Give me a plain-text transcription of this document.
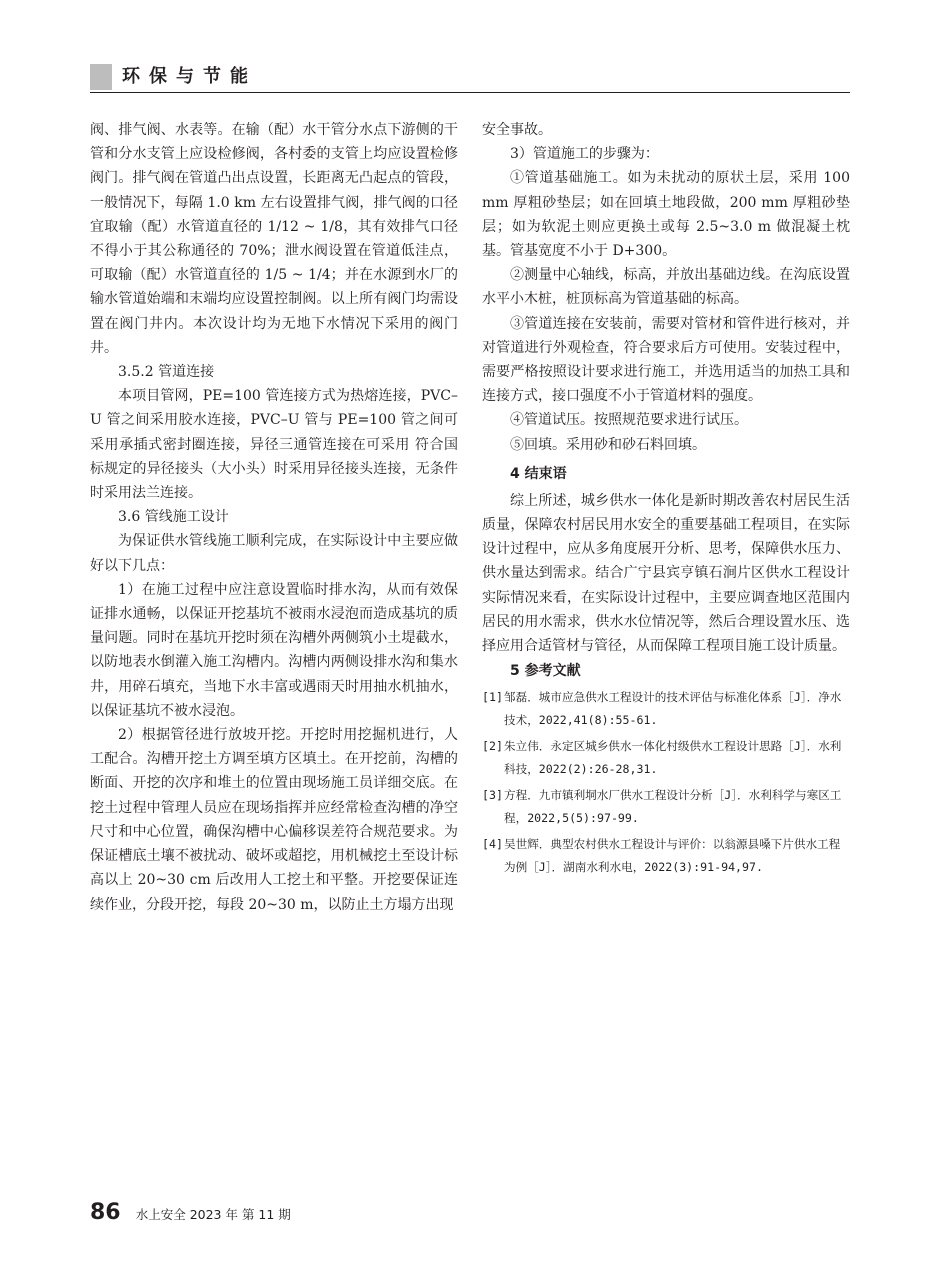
环保与节能

阀、排气阀、水表等。在输（配）水干管分水点下游侧的干管和分水支管上应设检修阀，各村委的支管上均应设置检修阀门。排气阀在管道凸出点设置，长距离无凸起点的管段，一般情况下，每隔 1.0 km 左右设置排气阀，排气阀的口径宜取输（配）水管道直径的 1/12 ~ 1/8，其有效排气口径不得小于其公称通径的 70%；泄水阀设置在管道低洼点，可取输（配）水管道直径的 1/5 ~ 1/4；并在水源到水厂的输水管道始端和末端均应设置控制阀。以上所有阀门均需设置在阀门井内。本次设计均为无地下水情况下采用的阀门井。

3.5.2 管道连接

本项目管网，PE=100 管连接方式为热熔连接，PVC–U 管之间采用胶水连接，PVC–U 管与 PE=100 管之间可采用承插式密封圈连接，异径三通管连接在可采用 符合国标规定的异径接头（大小头）时采用异径接头连接，无条件时采用法兰连接。

3.6 管线施工设计

为保证供水管线施工顺利完成，在实际设计中主要应做好以下几点：

1）在施工过程中应注意设置临时排水沟，从而有效保证排水通畅，以保证开挖基坑不被雨水浸泡而造成基坑的质量问题。同时在基坑开挖时须在沟槽外两侧筑小土堤截水，以防地表水倒灌入施工沟槽内。沟槽内两侧设排水沟和集水井，用碎石填充，当地下水丰富或遇雨天时用抽水机抽水，以保证基坑不被水浸泡。

2）根据管径进行放坡开挖。开挖时用挖掘机进行，人工配合。沟槽开挖土方调至填方区填土。在开挖前，沟槽的断面、开挖的次序和堆土的位置由现场施工员详细交底。在挖土过程中管理人员应在现场指挥并应经常检查沟槽的净空尺寸和中心位置，确保沟槽中心偏移误差符合规范要求。为保证槽底土壤不被扰动、破坏或超挖，用机械挖土至设计标高以上 20~30 cm 后改用人工挖土和平整。开挖要保证连续作业，分段开挖，每段 20~30 m，以防止土方塌方出现

安全事故。

3）管道施工的步骤为：

①管道基础施工。如为未扰动的原状土层，采用 100 mm 厚粗砂垫层；如在回填土地段做，200 mm 厚粗砂垫层；如为软泥土则应更换土或每 2.5~3.0 m 做混凝土枕基。管基宽度不小于 D+300。

②测量中心轴线，标高，并放出基础边线。在沟底设置水平小木桩，桩顶标高为管道基础的标高。

③管道连接在安装前，需要对管材和管件进行核对，并对管道进行外观检查，符合要求后方可使用。安装过程中，需要严格按照设计要求进行施工，并选用适当的加热工具和连接方式，接口强度不小于管道材料的强度。

④管道试压。按照规范要求进行试压。

⑤回填。采用砂和砂石料回填。

4 结束语

综上所述，城乡供水一体化是新时期改善农村居民生活质量，保障农村居民用水安全的重要基础工程项目，在实际设计过程中，应从多角度展开分析、思考，保障供水压力、供水量达到需求。结合广宁县宾亨镇石涧片区供水工程设计实际情况来看，在实际设计过程中，主要应调查地区范围内居民的用水需求，供水水位情况等，然后合理设置水压、选择应用合适管材与管径，从而保障工程项目施工设计质量。

5 参考文献
[1] 邹磊．城市应急供水工程设计的技术评估与标准化体系［J］．净水技术，2022,41(8):55-61.
[2] 朱立伟．永定区城乡供水一体化村级供水工程设计思路［J］．水利科技，2022(2):26-28,31.
[3] 方程．九市镇利垌水厂供水工程设计分析［J］．水利科学与寒区工程，2022,5(5):97-99.
[4] 吴世辉．典型农村供水工程设计与评价：以翁源县嗓下片供水工程为例［J］．湖南水利水电，2022(3):91-94,97.
86 水上安全 2023 年 第 11 期
